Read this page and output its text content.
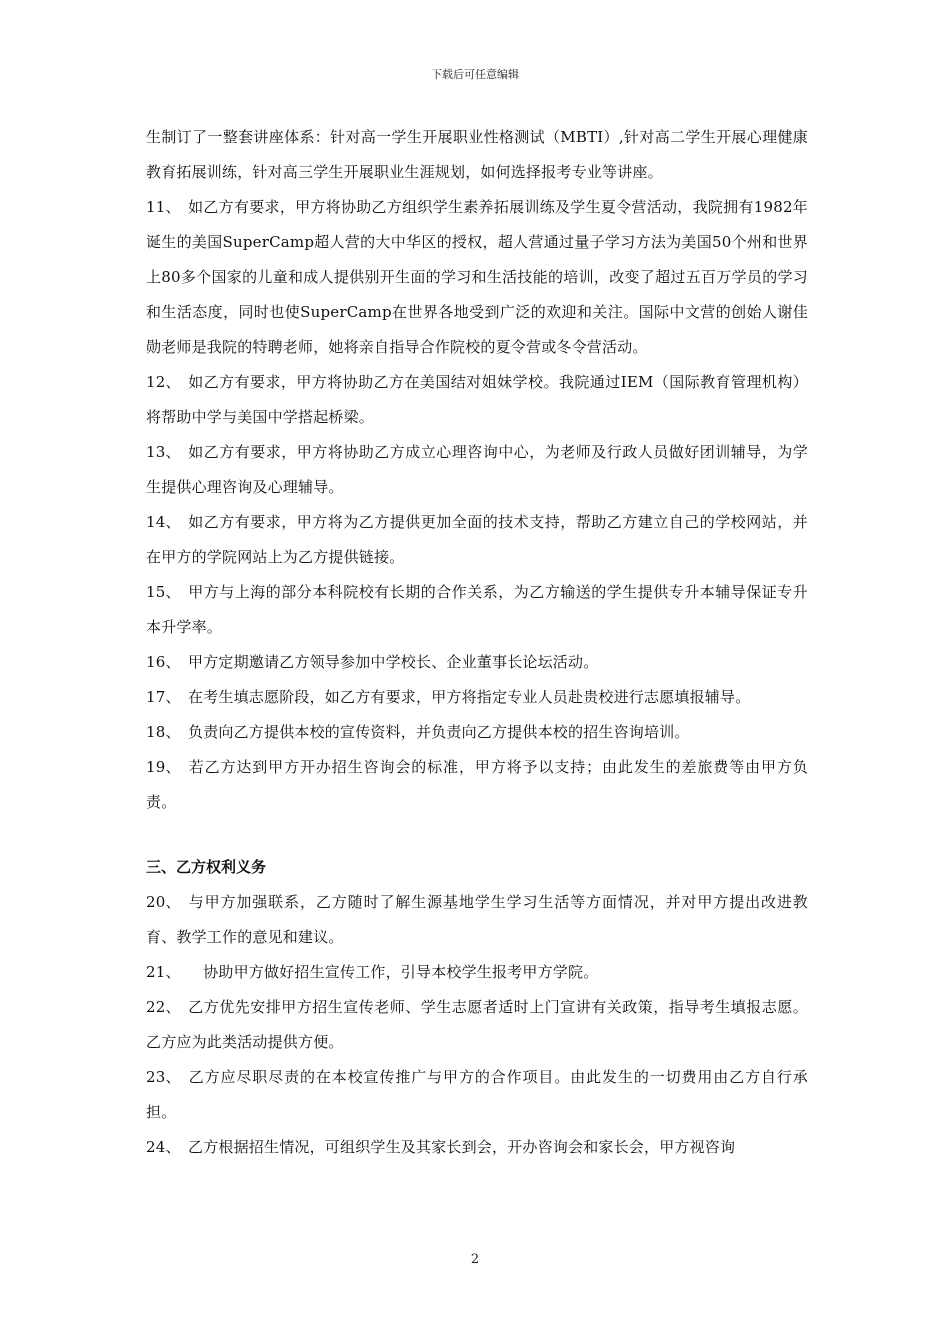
下载后可任意编辑

生制订了一整套讲座体系：针对高一学生开展职业性格测试（MBTI）,针对高二学生开展心理健康教育拓展训练，针对高三学生开展职业生涯规划，如何选择报考专业等讲座。

11、 如乙方有要求，甲方将协助乙方组织学生素养拓展训练及学生夏令营活动，我院拥有1982年诞生的美国SuperCamp超人营的大中华区的授权，超人营通过量子学习方法为美国50个州和世界上80多个国家的儿童和成人提供别开生面的学习和生活技能的培训，改变了超过五百万学员的学习和生活态度，同时也使SuperCamp在世界各地受到广泛的欢迎和关注。国际中文营的创始人谢佳勋老师是我院的特聘老师，她将亲自指导合作院校的夏令营或冬令营活动。

12、 如乙方有要求，甲方将协助乙方在美国结对姐妹学校。我院通过IEM（国际教育管理机构）将帮助中学与美国中学搭起桥梁。

13、 如乙方有要求，甲方将协助乙方成立心理咨询中心，为老师及行政人员做好团训辅导，为学生提供心理咨询及心理辅导。

14、 如乙方有要求，甲方将为乙方提供更加全面的技术支持，帮助乙方建立自己的学校网站，并在甲方的学院网站上为乙方提供链接。

15、 甲方与上海的部分本科院校有长期的合作关系，为乙方输送的学生提供专升本辅导保证专升本升学率。

16、 甲方定期邀请乙方领导参加中学校长、企业董事长论坛活动。

17、 在考生填志愿阶段，如乙方有要求，甲方将指定专业人员赴贵校进行志愿填报辅导。

18、 负责向乙方提供本校的宣传资料，并负责向乙方提供本校的招生咨询培训。

19、 若乙方达到甲方开办招生咨询会的标准，甲方将予以支持；由此发生的差旅费等由甲方负责。

三、乙方权利义务

20、 与甲方加强联系，乙方随时了解生源基地学生学习生活等方面情况，并对甲方提出改进教育、教学工作的意见和建议。

21、　协助甲方做好招生宣传工作，引导本校学生报考甲方学院。

22、 乙方优先安排甲方招生宣传老师、学生志愿者适时上门宣讲有关政策，指导考生填报志愿。乙方应为此类活动提供方便。

23、 乙方应尽职尽责的在本校宣传推广与甲方的合作项目。由此发生的一切费用由乙方自行承担。

24、 乙方根据招生情况，可组织学生及其家长到会，开办咨询会和家长会，甲方视咨询

2
